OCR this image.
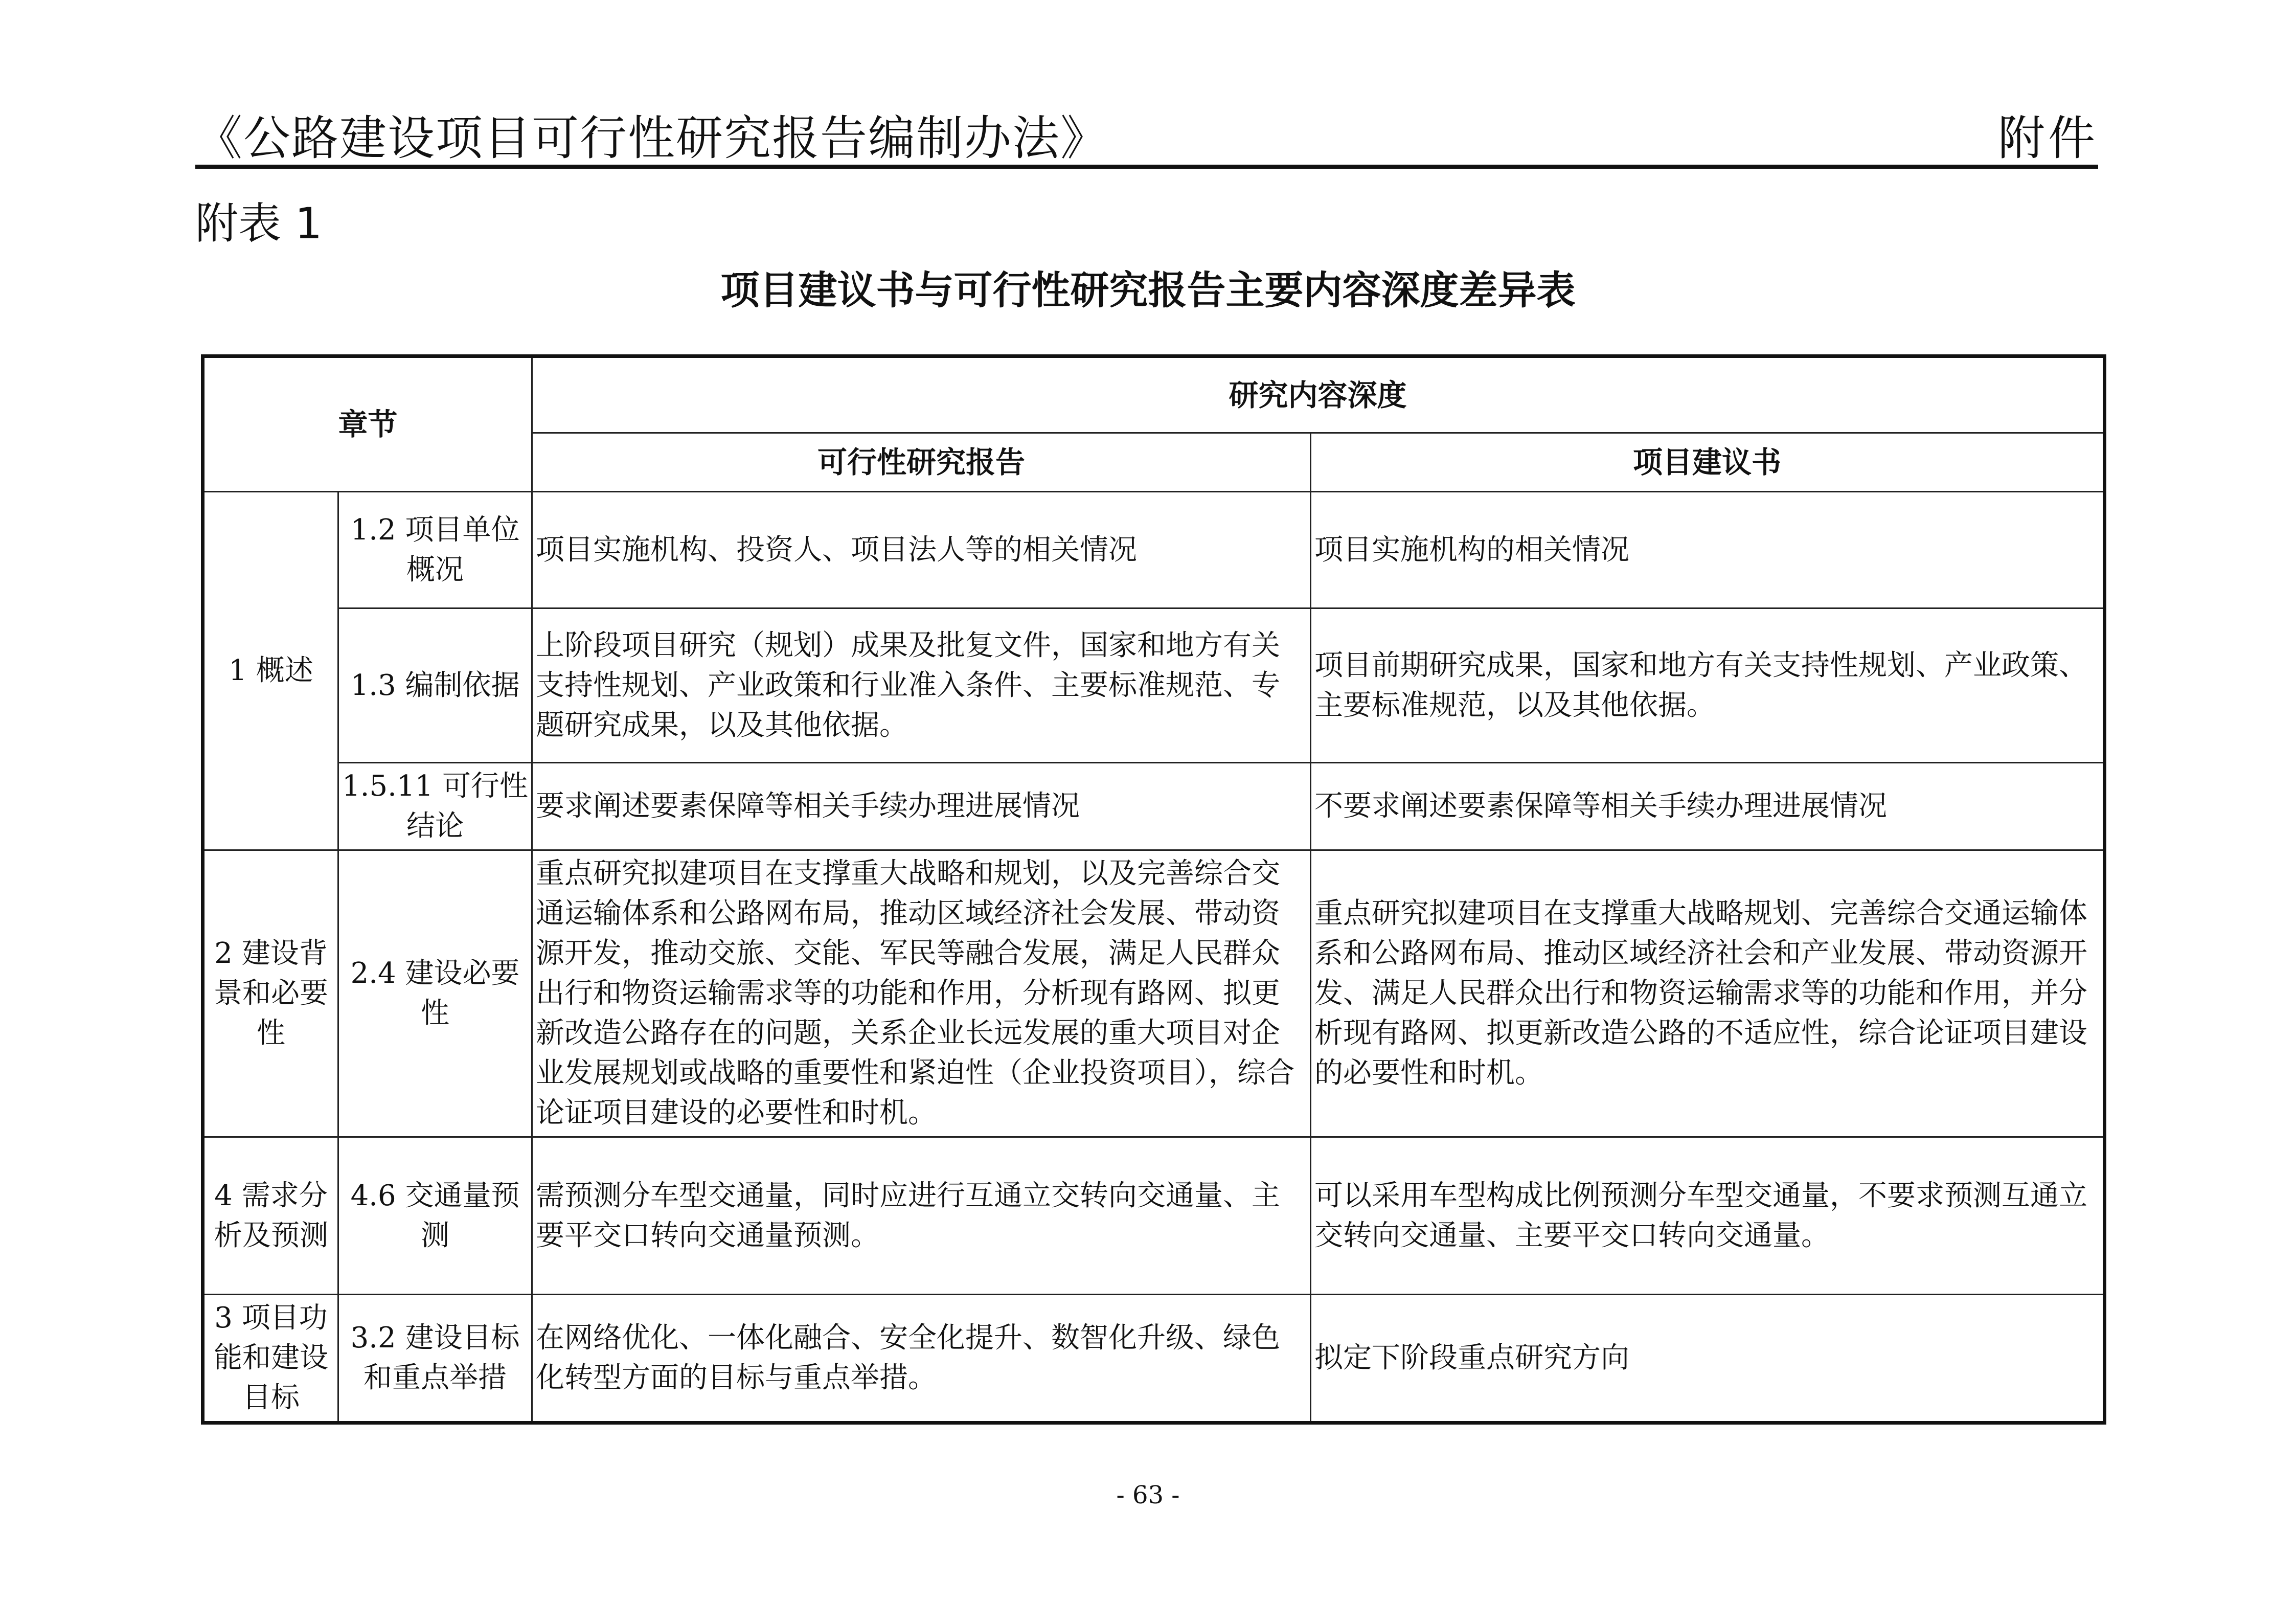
《公路建设项目可行性研究报告编制办法》	附件
附表 1
项目建议书与可行性研究报告主要内容深度差异表
章节		研究内容深度	
		可行性研究报告	项目建议书
1 概述	1.2 项目单位概况	项目实施机构、投资人、项目法人等的相关情况	项目实施机构的相关情况
	1.3 编制依据	上阶段项目研究（规划）成果及批复文件，国家和地方有关支持性规划、产业政策和行业准入条件、主要标准规范、专题研究成果，以及其他依据。	项目前期研究成果，国家和地方有关支持性规划、产业政策、主要标准规范，以及其他依据。
	1.5.11 可行性结论	要求阐述要素保障等相关手续办理进展情况	不要求阐述要素保障等相关手续办理进展情况
2 建设背景和必要性	2.4 建设必要性	重点研究拟建项目在支撑重大战略和规划，以及完善综合交通运输体系和公路网布局，推动区域经济社会发展、带动资源开发，推动交旅、交能、军民等融合发展，满足人民群众出行和物资运输需求等的功能和作用，分析现有路网、拟更新改造公路存在的问题，关系企业长远发展的重大项目对企业发展规划或战略的重要性和紧迫性（企业投资项目），综合论证项目建设的必要性和时机。	重点研究拟建项目在支撑重大战略规划、完善综合交通运输体系和公路网布局、推动区域经济社会和产业发展、带动资源开发、满足人民群众出行和物资运输需求等的功能和作用，并分析现有路网、拟更新改造公路的不适应性，综合论证项目建设的必要性和时机。
4 需求分析及预测	4.6 交通量预测	需预测分车型交通量，同时应进行互通立交转向交通量、主要平交口转向交通量预测。	可以采用车型构成比例预测分车型交通量，不要求预测互通立交转向交通量、主要平交口转向交通量。
3 项目功能和建设目标	3.2 建设目标和重点举措	在网络优化、一体化融合、安全化提升、数智化升级、绿色化转型方面的目标与重点举措。	拟定下阶段重点研究方向
- 63 -
